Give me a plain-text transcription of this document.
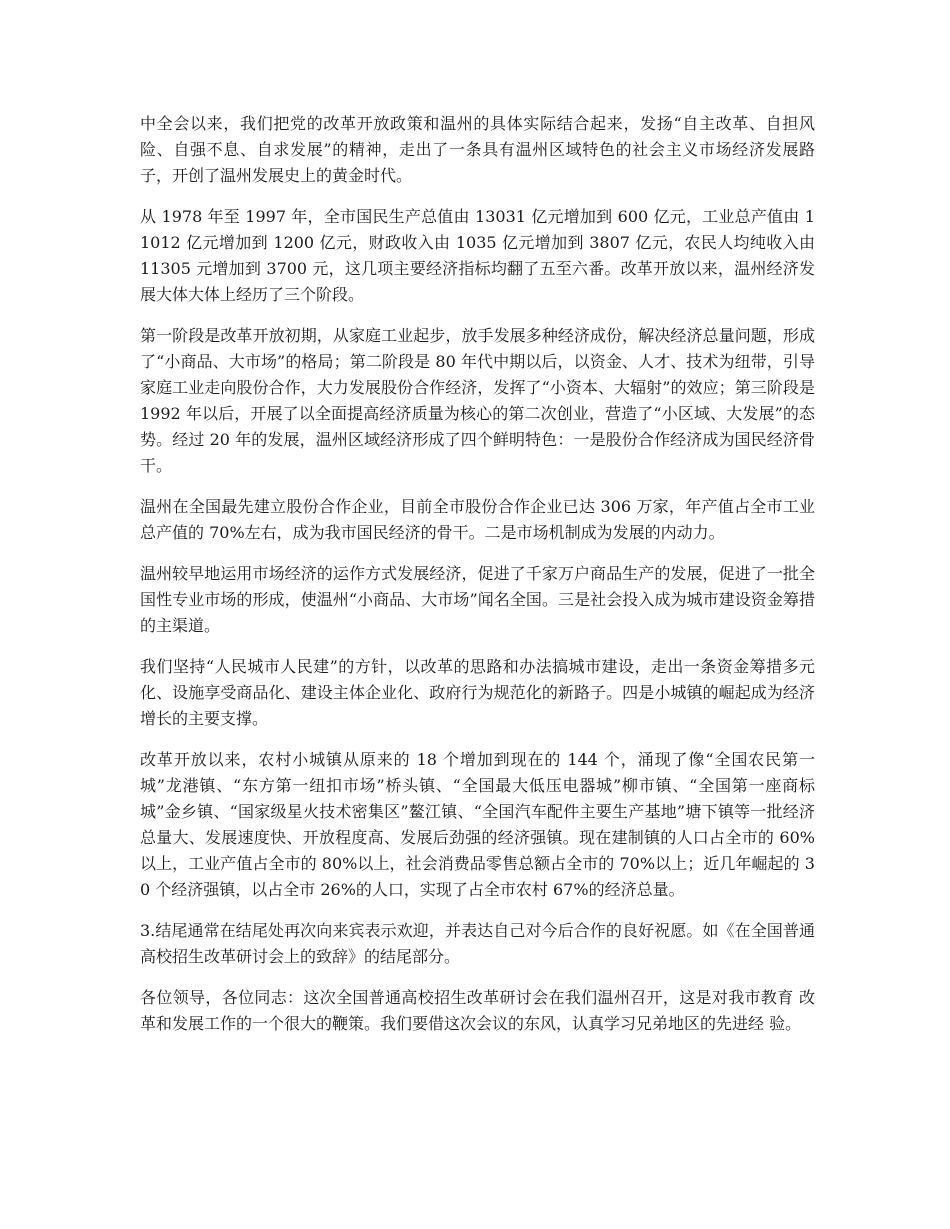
中全会以来，我们把党的改革开放政策和温州的具体实际结合起来，发扬“自主改革、自担风险、自强不息、自求发展”的精神，走出了一条具有温州区域特色的社会主义市场经济发展路子，开创了温州发展史上的黄金时代。

从 1978 年至 1997 年，全市国民生产总值由 13031 亿元增加到 600 亿元，工业总产值由 11012 亿元增加到 1200 亿元，财政收入由 1035 亿元增加到 3807 亿元，农民人均纯收入由 11305 元增加到 3700 元，这几项主要经济指标均翻了五至六番。改革开放以来，温州经济发展大体大体上经历了三个阶段。

第一阶段是改革开放初期，从家庭工业起步，放手发展多种经济成份，解决经济总量问题，形成了“小商品、大市场”的格局；第二阶段是 80 年代中期以后，以资金、人才、技术为纽带，引导家庭工业走向股份合作，大力发展股份合作经济，发挥了“小资本、大辐射”的效应；第三阶段是 1992 年以后，开展了以全面提高经济质量为核心的第二次创业，营造了“小区域、大发展”的态势。经过 20 年的发展，温州区域经济形成了四个鲜明特色：一是股份合作经济成为国民经济骨干。

温州在全国最先建立股份合作企业，目前全市股份合作企业已达 306 万家，年产值占全市工业总产值的 70%左右，成为我市国民经济的骨干。二是市场机制成为发展的内动力。

温州较早地运用市场经济的运作方式发展经济，促进了千家万户商品生产的发展，促进了一批全国性专业市场的形成，使温州“小商品、大市场”闻名全国。三是社会投入成为城市建设资金筹措的主渠道。

我们坚持“人民城市人民建”的方针，以改革的思路和办法搞城市建设，走出一条资金筹措多元化、设施享受商品化、建设主体企业化、政府行为规范化的新路子。四是小城镇的崛起成为经济增长的主要支撑。

改革开放以来，农村小城镇从原来的 18 个增加到现在的 144 个，涌现了像“全国农民第一城”龙港镇、“东方第一纽扣市场”桥头镇、“全国最大低压电器城”柳市镇、“全国第一座商标城”金乡镇、“国家级星火技术密集区”鳌江镇、“全国汽车配件主要生产基地”塘下镇等一批经济总量大、发展速度快、开放程度高、发展后劲强的经济强镇。现在建制镇的人口占全市的 60%以上，工业产值占全市的 80%以上，社会消费品零售总额占全市的 70%以上；近几年崛起的 30 个经济强镇，以占全市 26%的人口，实现了占全市农村 67%的经济总量。

3.结尾通常在结尾处再次向来宾表示欢迎，并表达自己对今后合作的良好祝愿。如《在全国普通 高校招生改革研讨会上的致辞》的结尾部分。

各位领导，各位同志：这次全国普通高校招生改革研讨会在我们温州召开，这是对我市教育 改革和发展工作的一个很大的鞭策。我们要借这次会议的东风，认真学习兄弟地区的先进经 验。
